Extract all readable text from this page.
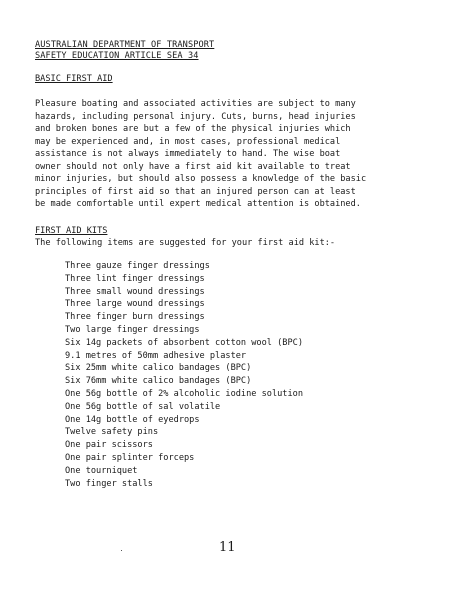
AUSTRALIAN DEPARTMENT OF TRANSPORT
SAFETY EDUCATION ARTICLE SEA 34
BASIC FIRST AID
Pleasure boating and associated activities are subject to many
hazards, including personal injury. Cuts, burns, head injuries
and broken bones are but a few of the physical injuries which
may be experienced and, in most cases, professional medical
assistance is not always immediately to hand. The wise boat
owner should not only have a first aid kit available to treat
minor injuries, but should also possess a knowledge of the basic
principles of first aid so that an injured person can at least
be made comfortable until expert medical attention is obtained.
FIRST AID KITS
The following items are suggested for your first aid kit:-
Three gauze finger dressings
Three lint finger dressings
Three small wound dressings
Three large wound dressings
Three finger burn dressings
Two large finger dressings
Six 14g packets of absorbent cotton wool (BPC)
9.1 metres of 50mm adhesive plaster
Six 25mm white calico bandages (BPC)
Six 76mm white calico bandages (BPC)
One 56g bottle of 2% alcoholic iodine solution
One 56g bottle of sal volatile
One 14g bottle of eyedrops
Twelve safety pins
One pair scissors
One pair splinter forceps
One tourniquet
Two finger stalls
11
